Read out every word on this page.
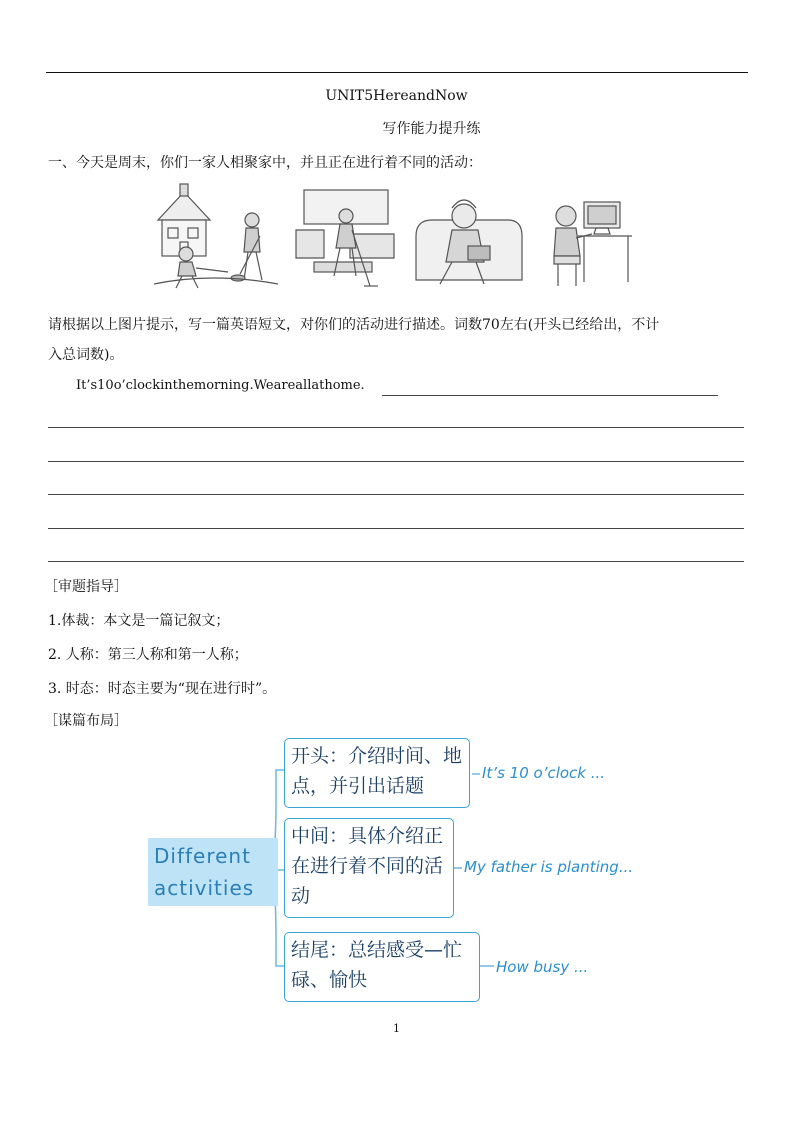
UNIT5HereandNow
写作能力提升练
一、今天是周末，你们一家人相聚家中，并且正在进行着不同的活动：
请根据以上图片提示，写一篇英语短文，对你们的活动进行描述。词数70左右(开头已经给出，不计
入总词数)。
It’s10o’clockinthemorning.Weareallathome.
［审题指导］
1.体裁：本文是一篇记叙文；
2. 人称：第三人称和第一人称；
3. 时态：时态主要为“现在进行时”。
［谋篇布局］
Different activities
开头：介绍时间、地点，并引出话题
It’s 10 o’clock ...
中间：具体介绍正在进行着不同的活动
My father is planting...
结尾：总结感受—忙碌、愉快
How busy ...
1
